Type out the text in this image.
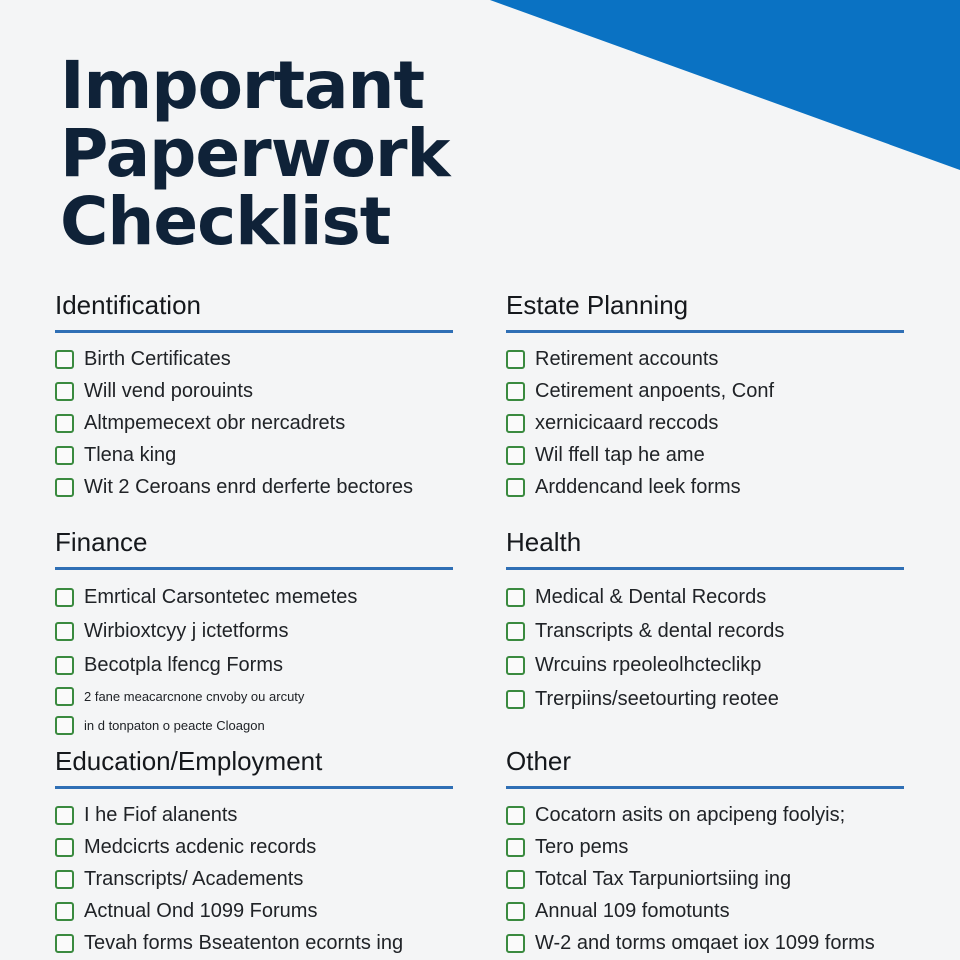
Important
Paperwork
Checklist
Identification
Birth Certificates
Will vend porouints
Altmpemecext obr nercadrets
Tlena king
Wit 2 Ceroans enrd derferte bectores
Estate Planning
Retirement accounts
Cetirement anpoents, Conf
xernicicaard reccods
Wil ffell tap he ame
Arddencand leek forms
Finance
Emrtical Carsontetec memetes
Wirbioxtcyy j ictetforms
Becotpla lfencg Forms
2 fane meacarcnone cnvoby ou arcuty
in d tonpaton o peacte Cloagon
Health
Medical & Dental Records
Transcripts & dental records
Wrcuins rpeoleolhcteclikp
Trerpiins/seetourting reotee
Education/Employment
I he Fiof alanents
Medcicrts acdenic records
Transcripts/ Academents
Actnual Ond 1099 Forums
Tevah forms Bseatenton ecornts ing
Other
Cocatorn asits on apcipeng foolyis;
Tero pems
Totcal Tax Tarpuniortsiing ing
Annual 109 fomotunts
W-2 and torms omqaet iox 1099 forms
